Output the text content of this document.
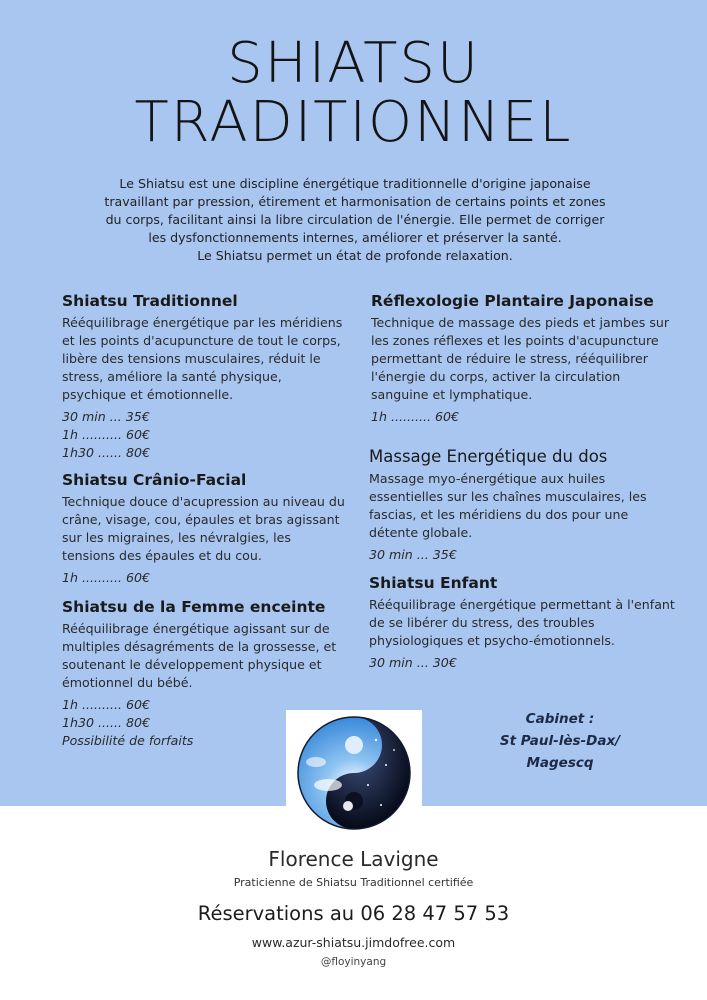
SHIATSU
TRADITIONNEL
Le Shiatsu est une discipline énergétique traditionnelle d'origine japonaise
travaillant par pression, étirement et harmonisation de certains points et zones
du corps, facilitant ainsi la libre circulation de l'énergie. Elle permet de corriger
les dysfonctionnements internes, améliorer et préserver la santé.
Le Shiatsu permet un état de profonde relaxation.
Shiatsu Traditionnel

Rééquilibrage énergétique par les méridiens
et les points d'acupuncture de tout le corps,
libère des tensions musculaires, réduit le
stress, améliore la santé physique,
psychique et émotionnelle.

30 min ... 35€
1h .......... 60€
1h30 ...... 80€
Shiatsu Crânio-Facial

Technique douce d'acupression au niveau du
crâne, visage, cou, épaules et bras agissant
sur les migraines, les névralgies, les
tensions des épaules et du cou.

1h .......... 60€
Shiatsu de la Femme enceinte

Rééquilibrage énergétique agissant sur de
multiples désagréments de la grossesse, et
soutenant le développement physique et
émotionnel du bébé.

1h .......... 60€
1h30 ...... 80€
Possibilité de forfaits
Réflexologie Plantaire Japonaise

Technique de massage des pieds et jambes sur
les zones réflexes et les points d'acupuncture
permettant de réduire le stress, rééquilibrer
l'énergie du corps, activer la circulation
sanguine et lymphatique.

1h .......... 60€
Massage Energétique du dos

Massage myo-énergétique aux huiles
essentielles sur les chaînes musculaires, les
fascias, et les méridiens du dos pour une
détente globale.

30 min ... 35€
Shiatsu Enfant

Rééquilibrage énergétique permettant à l'enfant
de se libérer du stress, des troubles
physiologiques et psycho-émotionnels.

30 min ... 30€
Cabinet :
St Paul-lès-Dax/
Magescq
Florence Lavigne
Praticienne de Shiatsu Traditionnel certifiée
Réservations au 06 28 47 57 53
www.azur-shiatsu.jimdofree.com
@floyinyang
